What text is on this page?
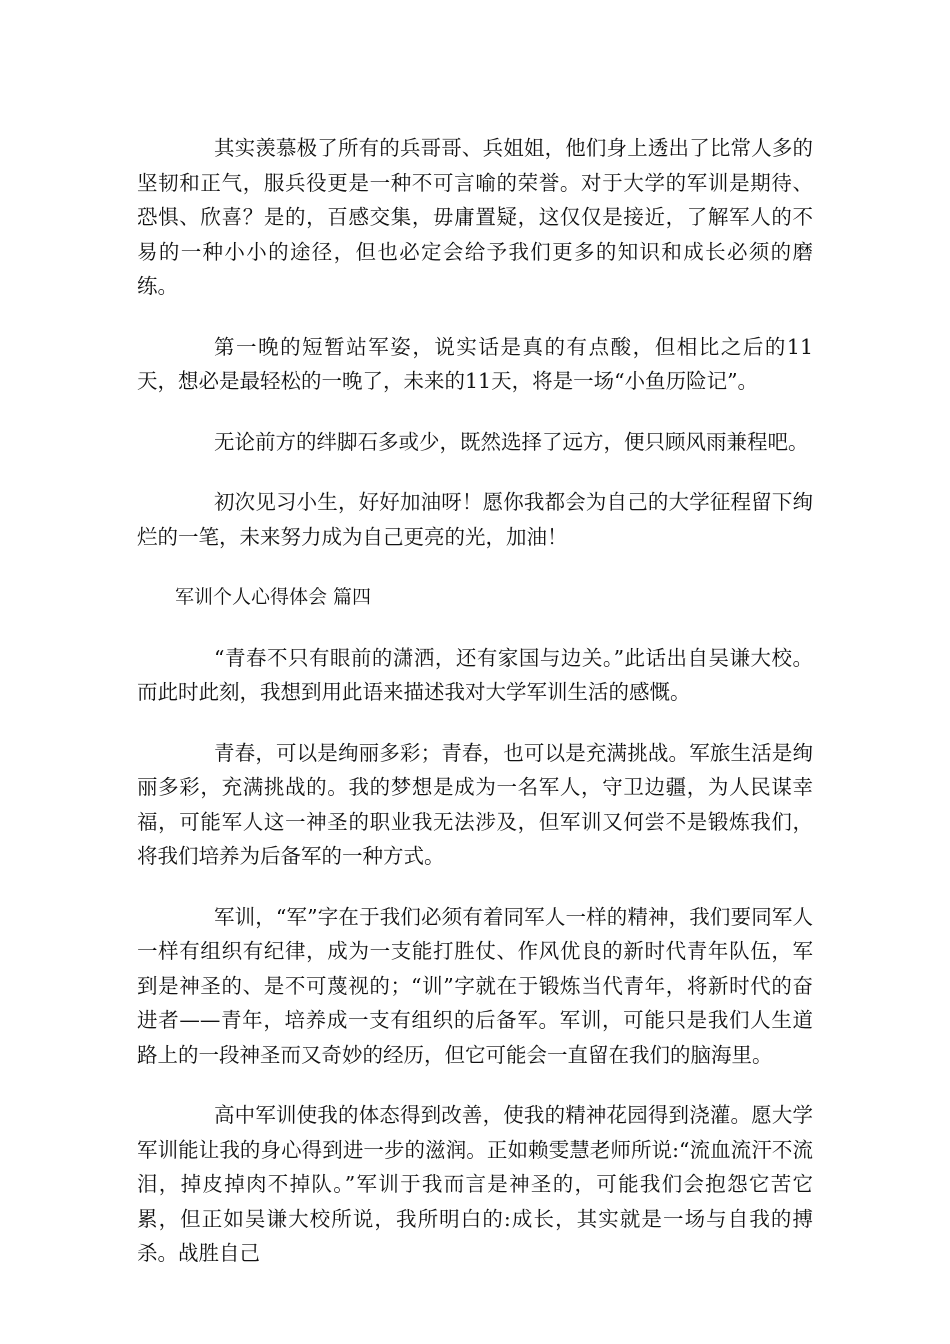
其实羡慕极了所有的兵哥哥、兵姐姐，他们身上透出了比常人多的坚韧和正气，服兵役更是一种不可言喻的荣誉。对于大学的军训是期待、恐惧、欣喜？是的，百感交集，毋庸置疑，这仅仅是接近，了解军人的不易的一种小小的途径，但也必定会给予我们更多的知识和成长必须的磨练。

第一晚的短暂站军姿，说实话是真的有点酸，但相比之后的11天，想必是最轻松的一晚了，未来的11天，将是一场“小鱼历险记”。

无论前方的绊脚石多或少，既然选择了远方，便只顾风雨兼程吧。

初次见习小生，好好加油呀！愿你我都会为自己的大学征程留下绚烂的一笔，未来努力成为自己更亮的光，加油！

军训个人心得体会 篇四

“青春不只有眼前的潇洒，还有家国与边关。”此话出自吴谦大校。而此时此刻，我想到用此语来描述我对大学军训生活的感慨。

青春，可以是绚丽多彩；青春，也可以是充满挑战。军旅生活是绚丽多彩，充满挑战的。我的梦想是成为一名军人，守卫边疆，为人民谋幸福，可能军人这一神圣的职业我无法涉及，但军训又何尝不是锻炼我们，将我们培养为后备军的一种方式。

军训，“军”字在于我们必须有着同军人一样的精神，我们要同军人一样有组织有纪律，成为一支能打胜仗、作风优良的新时代青年队伍，军到是神圣的、是不可蔑视的；“训”字就在于锻炼当代青年，将新时代的奋进者——青年，培养成一支有组织的后备军。军训，可能只是我们人生道路上的一段神圣而又奇妙的经历，但它可能会一直留在我们的脑海里。

高中军训使我的体态得到改善，使我的精神花园得到浇灌。愿大学军训能让我的身心得到进一步的滋润。正如赖雯慧老师所说:“流血流汗不流泪，掉皮掉肉不掉队。”军训于我而言是神圣的，可能我们会抱怨它苦它累，但正如吴谦大校所说，我所明白的:成长，其实就是一场与自我的搏杀。战胜自己
